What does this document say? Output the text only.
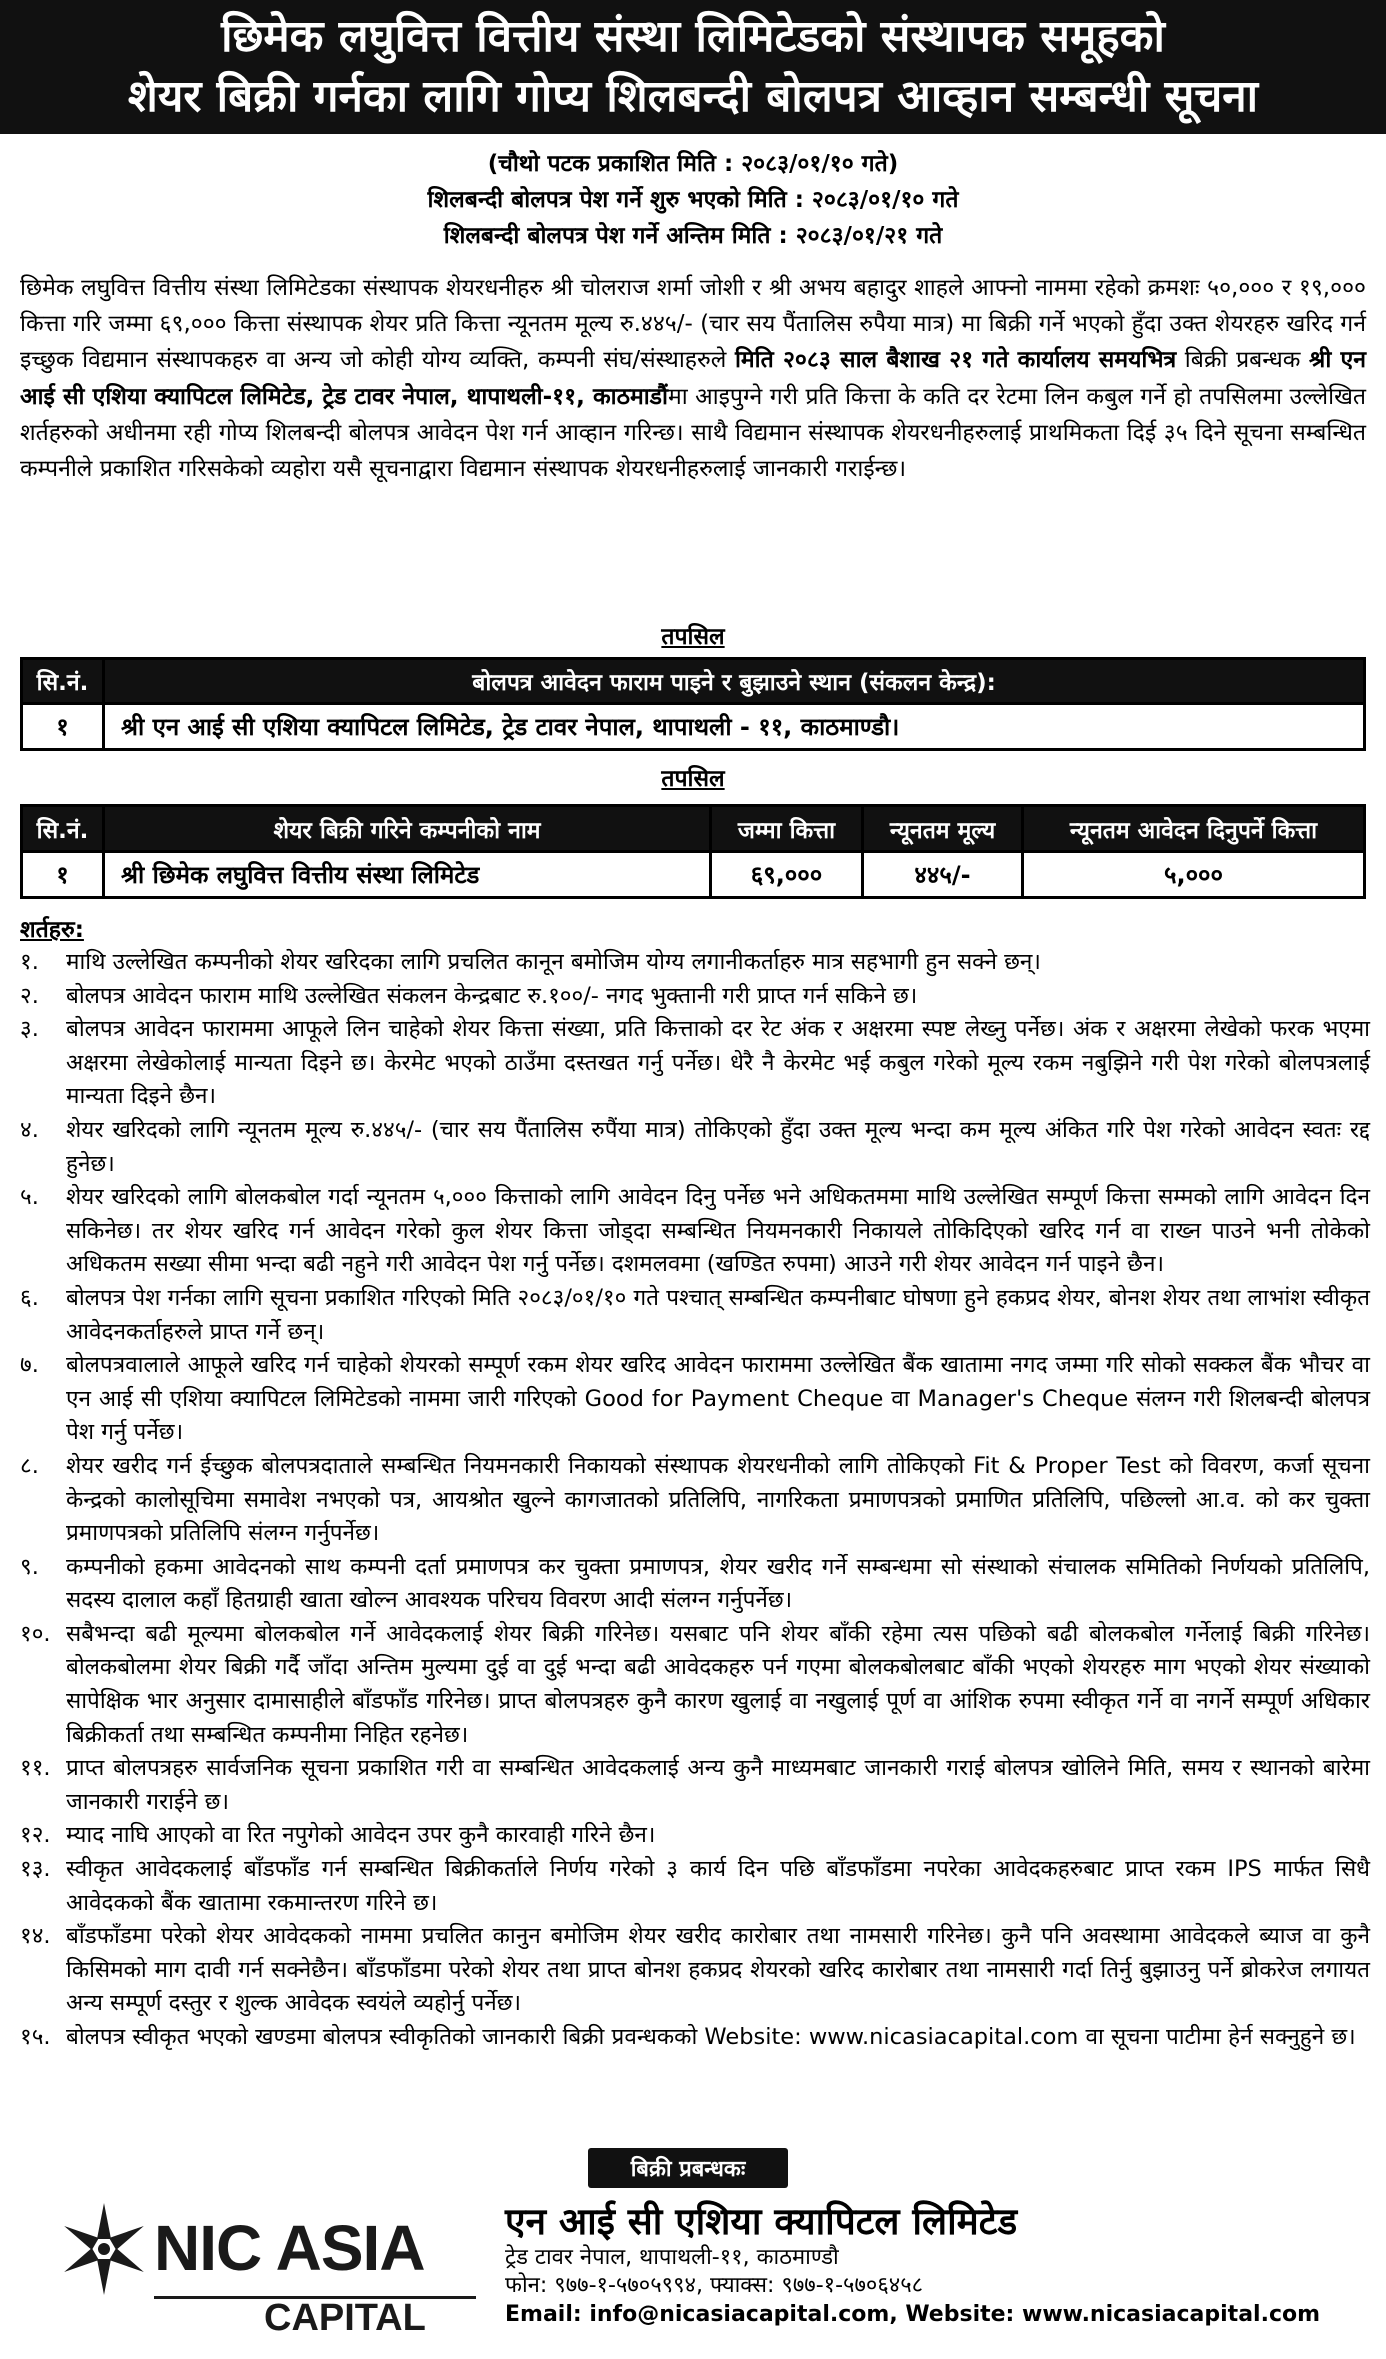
छिमेक लघुवित्त वित्तीय संस्था लिमिटेडको संस्थापक समूहको
शेयर बिक्री गर्नका लागि गोप्य शिलबन्दी बोलपत्र आव्हान सम्बन्धी सूचना
(चौथो पटक प्रकाशित मिति : २०८३/०१/१० गते)
शिलबन्दी बोलपत्र पेश गर्ने शुरु भएको मिति : २०८३/०१/१० गते
शिलबन्दी बोलपत्र पेश गर्ने अन्तिम मिति : २०८३/०१/२१ गते
छिमेक लघुवित्त वित्तीय संस्था लिमिटेडका संस्थापक शेयरधनीहरु श्री चोलराज शर्मा जोशी र श्री अभय बहादुर शाहले आफ्नो नाममा रहेको क्रमशः ५०,००० र १९,००० कित्ता गरि जम्मा ६९,००० कित्ता संस्थापक शेयर प्रति कित्ता न्यूनतम मूल्य रु.४४५/- (चार सय पैंतालिस रुपैया मात्र) मा बिक्री गर्ने भएको हुँदा उक्त शेयरहरु खरिद गर्न इच्छुक विद्यमान संस्थापकहरु वा अन्य जो कोही योग्य व्यक्ति, कम्पनी संघ/संस्थाहरुले मिति २०८३ साल बैशाख २१ गते कार्यालय समयभित्र बिक्री प्रबन्धक श्री एन आई सी एशिया क्यापिटल लिमिटेड, ट्रेड टावर नेपाल, थापाथली-११, काठमाडौंमा आइपुग्ने गरी प्रति कित्ता के कति दर रेटमा लिन कबुल गर्ने हो तपसिलमा उल्लेखित शर्तहरुको अधीनमा रही गोप्य शिलबन्दी बोलपत्र आवेदन पेश गर्न आव्हान गरिन्छ। साथै विद्यमान संस्थापक शेयरधनीहरुलाई प्राथमिकता दिई ३५ दिने सूचना सम्बन्धित कम्पनीले प्रकाशित गरिसकेको व्यहोरा यसै सूचनाद्वारा विद्यमान संस्थापक शेयरधनीहरुलाई जानकारी गराईन्छ।
तपसिल
सि.नं.	बोलपत्र आवेदन फाराम पाइने र बुझाउने स्थान (संकलन केन्द्र):
१	श्री एन आई सी एशिया क्यापिटल लिमिटेड, ट्रेड टावर नेपाल, थापाथली - ११, काठमाण्डौ।
तपसिल
सि.नं.	शेयर बिक्री गरिने कम्पनीको नाम	जम्मा कित्ता	न्यूनतम मूल्य	न्यूनतम आवेदन दिनुपर्ने कित्ता
१	श्री छिमेक लघुवित्त वित्तीय संस्था लिमिटेड	६९,०००	४४५/-	५,०००
शर्तहरु:
१.	माथि उल्लेखित कम्पनीको शेयर खरिदका लागि प्रचलित कानून बमोजिम योग्य लगानीकर्ताहरु मात्र सहभागी हुन सक्ने छन्।
२.	बोलपत्र आवेदन फाराम माथि उल्लेखित संकलन केन्द्रबाट रु.१००/- नगद भुक्तानी गरी प्राप्त गर्न सकिने छ।
३.	बोलपत्र आवेदन फाराममा आफूले लिन चाहेको शेयर कित्ता संख्या, प्रति कित्ताको दर रेट अंक र अक्षरमा स्पष्ट लेख्नु पर्नेछ। अंक र अक्षरमा लेखेको फरक भएमा अक्षरमा लेखेकोलाई मान्यता दिइने छ। केरमेट भएको ठाउँमा दस्तखत गर्नु पर्नेछ। धेरै नै केरमेट भई कबुल गरेको मूल्य रकम नबुझिने गरी पेश गरेको बोलपत्रलाई मान्यता दिइने छैन।
४.	शेयर खरिदको लागि न्यूनतम मूल्य रु.४४५/- (चार सय पैंतालिस रुपैंया मात्र) तोकिएको हुँदा उक्त मूल्य भन्दा कम मूल्य अंकित गरि पेश गरेको आवेदन स्वतः रद्द हुनेछ।
५.	शेयर खरिदको लागि बोलकबोल गर्दा न्यूनतम ५,००० कित्ताको लागि आवेदन दिनु पर्नेछ भने अधिकतममा माथि उल्लेखित सम्पूर्ण कित्ता सम्मको लागि आवेदन दिन सकिनेछ। तर शेयर खरिद गर्न आवेदन गरेको कुल शेयर कित्ता जोड्दा सम्बन्धित नियमनकारी निकायले तोकिदिएको खरिद गर्न वा राख्न पाउने भनी तोकेको अधिकतम सख्या सीमा भन्दा बढी नहुने गरी आवेदन पेश गर्नु पर्नेछ। दशमलवमा (खण्डित रुपमा) आउने गरी शेयर आवेदन गर्न पाइने छैन।
६.	बोलपत्र पेश गर्नका लागि सूचना प्रकाशित गरिएको मिति २०८३/०१/१० गते पश्चात् सम्बन्धित कम्पनीबाट घोषणा हुने हकप्रद शेयर, बोनश शेयर तथा लाभांश स्वीकृत आवेदनकर्ताहरुले प्राप्त गर्ने छन्।
७.	बोलपत्रवालाले आफूले खरिद गर्न चाहेको शेयरको सम्पूर्ण रकम शेयर खरिद आवेदन फाराममा उल्लेखित बैंक खातामा नगद जम्मा गरि सोको सक्कल बैंक भौचर वा एन आई सी एशिया क्यापिटल लिमिटेडको नाममा जारी गरिएको Good for Payment Cheque वा Manager's Cheque संलग्न गरी शिलबन्दी बोलपत्र पेश गर्नु पर्नेछ।
८.	शेयर खरीद गर्न ईच्छुक बोलपत्रदाताले सम्बन्धित नियमनकारी निकायको संस्थापक शेयरधनीको लागि तोकिएको Fit & Proper Test को विवरण, कर्जा सूचना केन्द्रको कालोसूचिमा समावेश नभएको पत्र, आयश्रोत खुल्ने कागजातको प्रतिलिपि, नागरिकता प्रमाणपत्रको प्रमाणित प्रतिलिपि, पछिल्लो आ.व. को कर चुक्ता प्रमाणपत्रको प्रतिलिपि संलग्न गर्नुपर्नेछ।
९.	कम्पनीको हकमा आवेदनको साथ कम्पनी दर्ता प्रमाणपत्र कर चुक्ता प्रमाणपत्र, शेयर खरीद गर्ने सम्बन्धमा सो संस्थाको संचालक समितिको निर्णयको प्रतिलिपि, सदस्य दालाल कहाँ हितग्राही खाता खोल्न आवश्यक परिचय विवरण आदी संलग्न गर्नुपर्नेछ।
१०. सबैभन्दा बढी मूल्यमा बोलकबोल गर्ने आवेदकलाई शेयर बिक्री गरिनेछ। यसबाट पनि शेयर बाँकी रहेमा त्यस पछिको बढी बोलकबोल गर्नेलाई बिक्री गरिनेछ। बोलकबोलमा शेयर बिक्री गर्दै जाँदा अन्तिम मुल्यमा दुई वा दुई भन्दा बढी आवेदकहरु पर्न गएमा बोलकबोलबाट बाँकी भएको शेयरहरु माग भएको शेयर संख्याको सापेक्षिक भार अनुसार दामासाहीले बाँडफाँड गरिनेछ। प्राप्त बोलपत्रहरु कुनै कारण खुलाई वा नखुलाई पूर्ण वा आंशिक रुपमा स्वीकृत गर्ने वा नगर्ने सम्पूर्ण अधिकार बिक्रीकर्ता तथा सम्बन्धित कम्पनीमा निहित रहनेछ।
११. प्राप्त बोलपत्रहरु सार्वजनिक सूचना प्रकाशित गरी वा सम्बन्धित आवेदकलाई अन्य कुनै माध्यमबाट जानकारी गराई बोलपत्र खोलिने मिति, समय र स्थानको बारेमा जानकारी गराईने छ।
१२. म्याद नाघि आएको वा रित नपुगेको आवेदन उपर कुनै कारवाही गरिने छैन।
१३. स्वीकृत आवेदकलाई बाँडफाँड गर्न सम्बन्धित बिक्रीकर्ताले निर्णय गरेको ३ कार्य दिन पछि बाँडफाँडमा नपरेका आवेदकहरुबाट प्राप्त रकम IPS मार्फत सिधै आवेदकको बैंक खातामा रकमान्तरण गरिने छ।
१४. बाँडफाँडमा परेको शेयर आवेदकको नाममा प्रचलित कानुन बमोजिम शेयर खरीद कारोबार तथा नामसारी गरिनेछ। कुनै पनि अवस्थामा आवेदकले ब्याज वा कुनै किसिमको माग दावी गर्न सक्नेछैन। बाँडफाँडमा परेको शेयर तथा प्राप्त बोनश हकप्रद शेयरको खरिद कारोबार तथा नामसारी गर्दा तिर्नु बुझाउनु पर्ने ब्रोकरेज लगायत अन्य सम्पूर्ण दस्तुर र शुल्क आवेदक स्वयंले व्यहोर्नु पर्नेछ।
१५. बोलपत्र स्वीकृत भएको खण्डमा बोलपत्र स्वीकृतिको जानकारी बिक्री प्रवन्धकको Website: www.nicasiacapital.com वा सूचना पाटीमा हेर्न सक्नुहुने छ।
बिक्री प्रबन्धकः
NIC ASIA
CAPITAL
एन आई सी एशिया क्यापिटल लिमिटेड
ट्रेड टावर नेपाल, थापाथली-११, काठमाण्डौ
फोन: ९७७-१-५७०५९९४, फ्याक्स: ९७७-१-५७०६४५८
Email: info@nicasiacapital.com, Website: www.nicasiacapital.com
